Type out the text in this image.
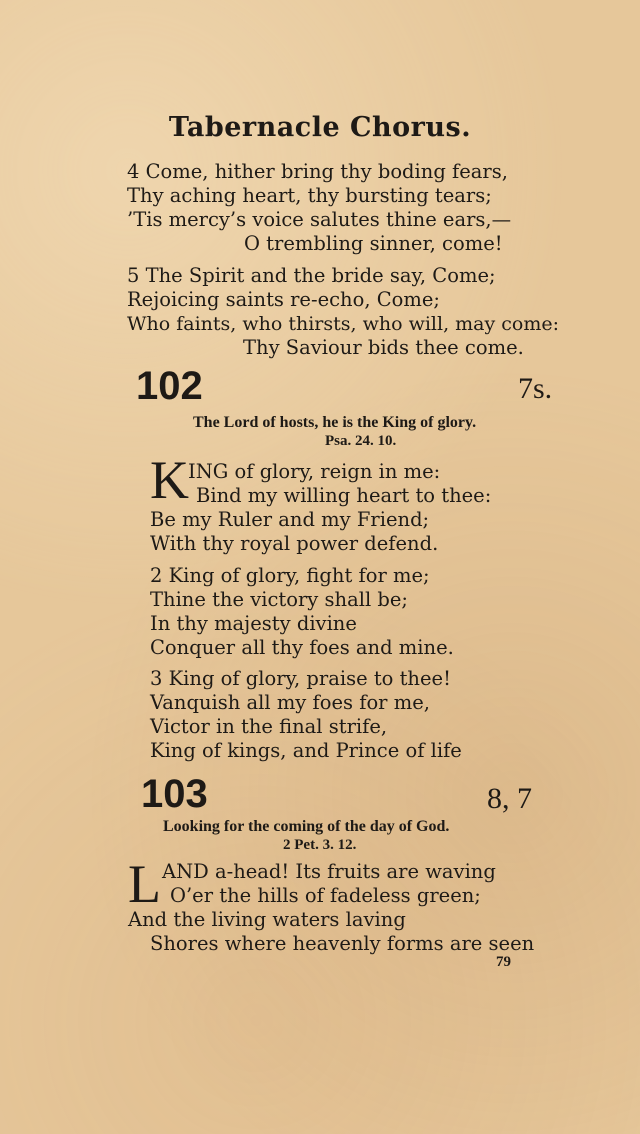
Tabernacle Chorus.
4 Come, hither bring thy boding fears,
Thy aching heart, thy bursting tears;
’Tis mercy’s voice salutes thine ears,—
O trembling sinner, come!
5 The Spirit and the bride say, Come;
Rejoicing saints re-echo, Come;
Who faints, who thirsts, who will, may come:
Thy Saviour bids thee come.
102	7s.
The Lord of hosts, he is the King of glory.
Psa. 24. 10.
K ING of glory, reign in me:
Bind my willing heart to thee:
Be my Ruler and my Friend;
With thy royal power defend.
2 King of glory, fight for me;
Thine the victory shall be;
In thy majesty divine
Conquer all thy foes and mine.
3 King of glory, praise to thee!
Vanquish all my foes for me,
Victor in the final strife,
King of kings, and Prince of life
103	8, 7
Looking for the coming of the day of God.
2 Pet. 3. 12.
L AND a-head! Its fruits are waving
O’er the hills of fadeless green;
And the living waters laving
Shores where heavenly forms are seen
79
